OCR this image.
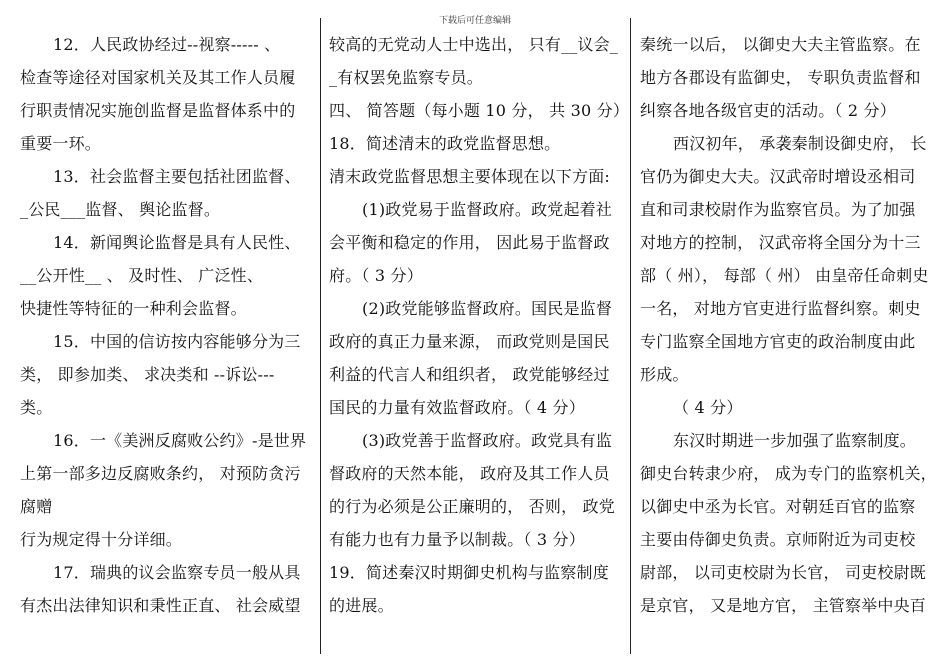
下载后可任意编辑
12．人民政协经过--视察----- 、
检查等途径对国家机关及其工作人员履
行职责情况实施创监督是监督体系中的
重要一环。
13．社会监督主要包括社团监督、
_公民___监督、 舆论监督。
14．新闻舆论监督是具有人民性、
__公开性__ 、 及时性、 广泛性、
快捷性等特征的一种利会监督。
15．中国的信访按内容能够分为三
类， 即参加类、 求决类和 --诉讼---
类。
16．一《美洲反腐败公约》-是世界
上第一部多边反腐败条约， 对预防贪污
腐赠
行为规定得十分详细。
17．瑞典的议会监察专员一般从具
有杰出法律知识和秉性正直、 社会威望
较高的无党动人士中选出， 只有__议会_
_有权罢免监察专员。
四、 简答题（每小题 10 分， 共 30 分）
18．简述清末的政党监督思想。
清末政党监督思想主要体现在以下方面:
(1)政党易于监督政府。政党起着社
会平衡和稳定的作用， 因此易于监督政
府。（ 3 分）
(2)政党能够监督政府。国民是监督
政府的真正力量来源， 而政党则是国民
利益的代言人和组织者， 政党能够经过
国民的力量有效监督政府。（ 4 分）
(3)政党善于监督政府。政党具有监
督政府的天然本能， 政府及其工作人员
的行为必须是公正廉明的， 否则， 政党
有能力也有力量予以制裁。（ 3 分）
19．简述秦汉时期御史机构与监察制度
的进展。
秦统一以后， 以御史大夫主管监察。在
地方各郡设有监御史， 专职负责监督和
纠察各地各级官吏的活动。（ 2 分）
西汉初年， 承袭秦制设御史府， 长
官仍为御史大夫。汉武帝时增设丞相司
直和司隶校尉作为监察官员。为了加强
对地方的控制， 汉武帝将全国分为十三
部（ 州）， 每部（ 州） 由皇帝任命刺史
一名， 对地方官吏进行监督纠察。刺史
专门监察全国地方官吏的政治制度由此
形成。
（ 4 分）
东汉时期进一步加强了监察制度。
御史台转隶少府， 成为专门的监察机关，
以御史中丞为长官。对朝廷百官的监察
主要由侍御史负责。京师附近为司吏校
尉部， 以司吏校尉为长官， 司吏校尉既
是京官， 又是地方官， 主管察举中央百
